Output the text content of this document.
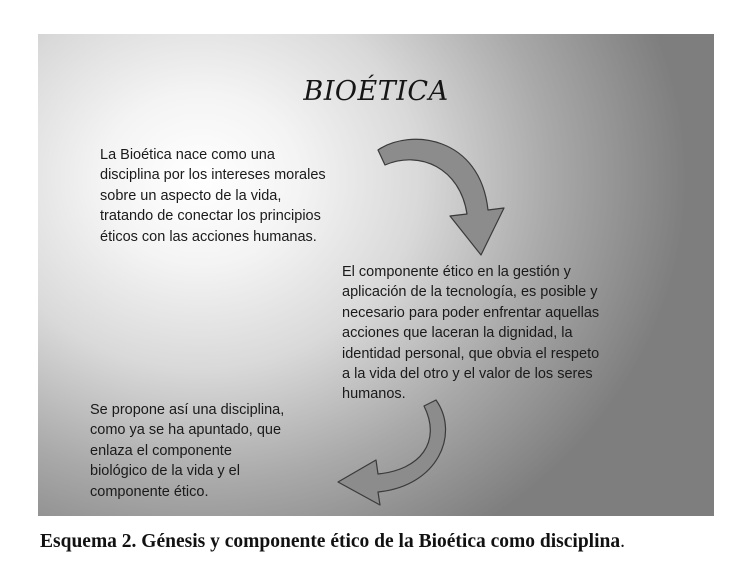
BIOÉTICA

La Bioética nace como una
disciplina por los intereses morales
sobre un aspecto de la vida,
tratando de conectar los principios
éticos con las acciones humanas.

El componente ético en la gestión y
aplicación de la tecnología, es posible y
necesario para poder enfrentar aquellas
acciones que laceran la dignidad, la
identidad personal, que obvia el respeto
a la vida del otro y el valor de los seres
humanos.

Se propone así una disciplina,
como ya se ha apuntado, que
enlaza el componente
biológico de la vida y el
componente ético.

Esquema 2. Génesis y componente ético de la Bioética como disciplina.
